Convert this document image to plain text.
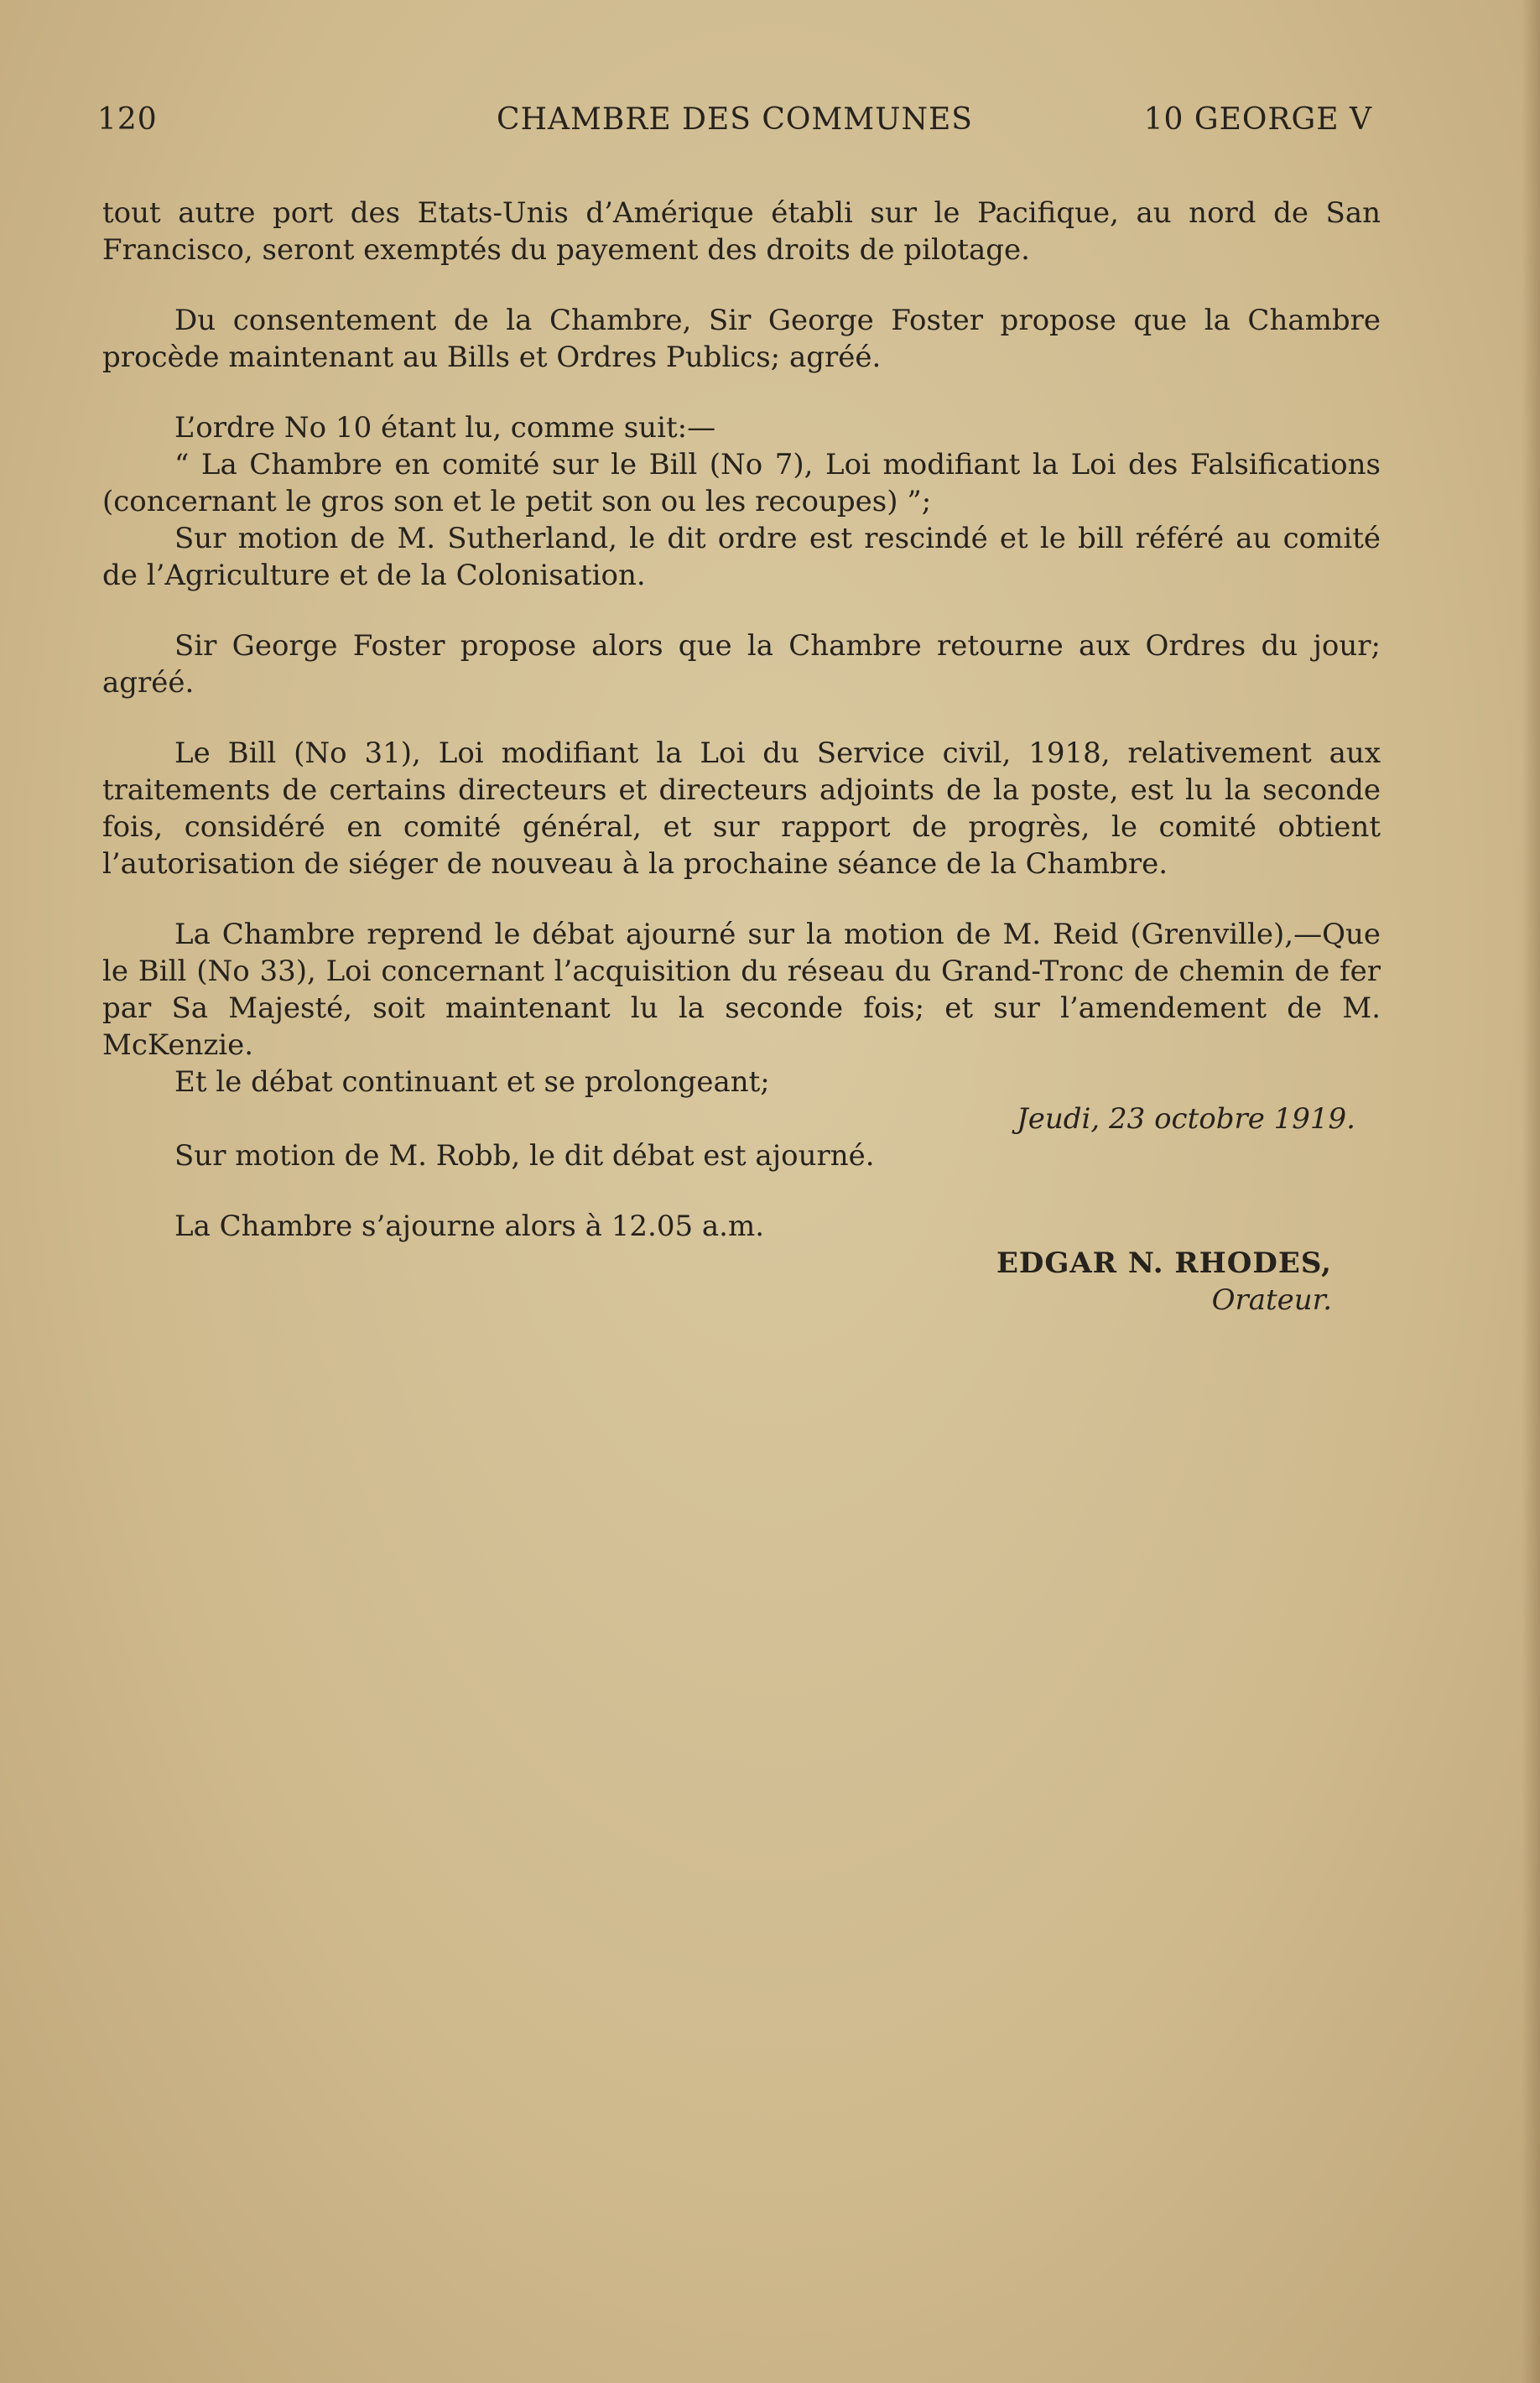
120	CHAMBRE DES COMMUNES	10 GEORGE V

tout autre port des Etats-Unis d’Amérique établi sur le Pacifique, au nord de San Francisco, seront exemptés du payement des droits de pilotage.

Du consentement de la Chambre, Sir George Foster propose que la Chambre procède maintenant au Bills et Ordres Publics; agréé.

L’ordre No 10 étant lu, comme suit:—

“ La Chambre en comité sur le Bill (No 7), Loi modifiant la Loi des Falsifications (concernant le gros son et le petit son ou les recoupes) ”;

Sur motion de M. Sutherland, le dit ordre est rescindé et le bill référé au comité de l’Agriculture et de la Colonisation.

Sir George Foster propose alors que la Chambre retourne aux Ordres du jour; agréé.

Le Bill (No 31), Loi modifiant la Loi du Service civil, 1918, relativement aux traitements de certains directeurs et directeurs adjoints de la poste, est lu la seconde fois, considéré en comité général, et sur rapport de progrès, le comité obtient l’autorisation de siéger de nouveau à la prochaine séance de la Chambre.

La Chambre reprend le débat ajourné sur la motion de M. Reid (Grenville),—Que le Bill (No 33), Loi concernant l’acquisition du réseau du Grand-Tronc de chemin de fer par Sa Majesté, soit maintenant lu la seconde fois; et sur l’amendement de M. McKenzie.

Et le débat continuant et se prolongeant;

Jeudi, 23 octobre 1919.

Sur motion de M. Robb, le dit débat est ajourné.

La Chambre s’ajourne alors à 12.05 a.m.

EDGAR N. RHODES,

Orateur.
